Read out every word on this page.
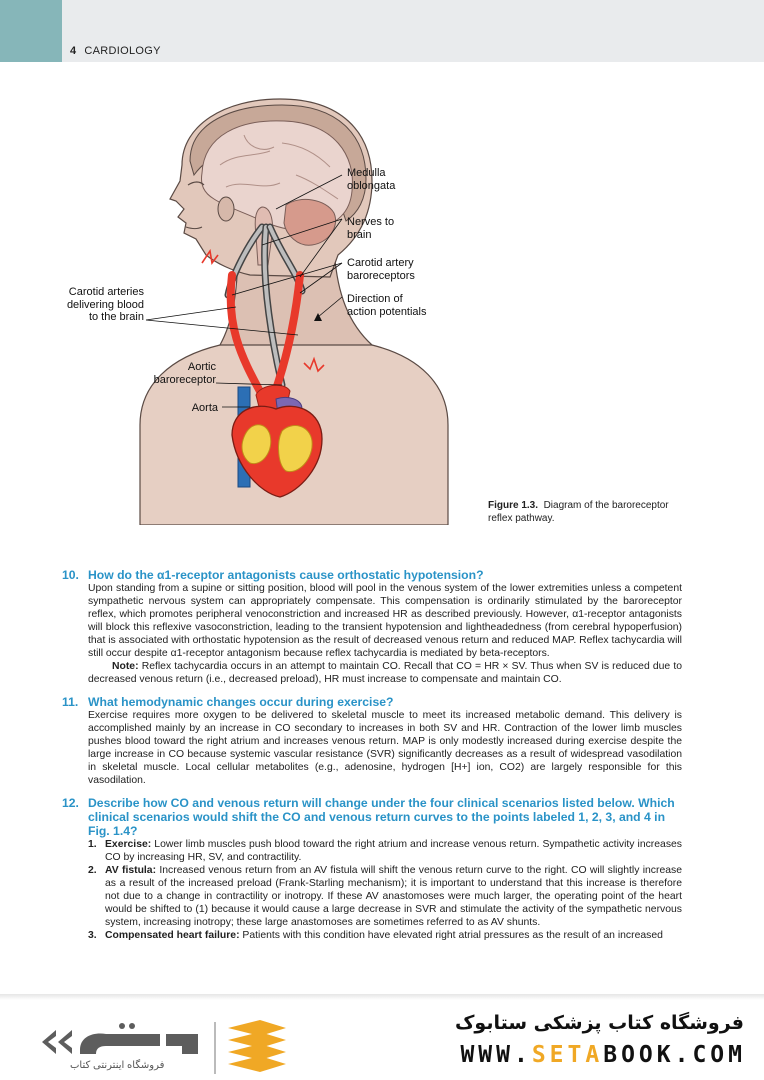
4 CARDIOLOGY
Medulla
oblongata
Nerves to
brain
Carotid artery
baroreceptors
Direction of
action potentials
Carotid arteries
delivering blood
to the brain
Aortic
baroreceptor
Aorta
Figure 1.3. Diagram of the baroreceptor reflex pathway.
10. How do the α1-receptor antagonists cause orthostatic hypotension?
Upon standing from a supine or sitting position, blood will pool in the venous system of the lower extremities unless a competent sympathetic nervous system can appropriately compensate. This compensation is ordinarily stimulated by the baroreceptor reflex, which promotes peripheral venoconstriction and increased HR as described previously. However, α1-receptor antagonists will block this reflexive vasoconstriction, leading to the transient hypotension and lightheadedness (from cerebral hypoperfusion) that is associated with orthostatic hypotension as the result of decreased venous return and reduced MAP. Reflex tachycardia will still occur despite α1-receptor antagonism because reflex tachycardia is mediated by beta-receptors.
Note: Reflex tachycardia occurs in an attempt to maintain CO. Recall that CO = HR × SV. Thus when SV is reduced due to decreased venous return (i.e., decreased preload), HR must increase to compensate and maintain CO.
11. What hemodynamic changes occur during exercise?
Exercise requires more oxygen to be delivered to skeletal muscle to meet its increased metabolic demand. This delivery is accomplished mainly by an increase in CO secondary to increases in both SV and HR. Contraction of the lower limb muscles pushes blood toward the right atrium and increases venous return. MAP is only modestly increased during exercise despite the large increase in CO because systemic vascular resistance (SVR) significantly decreases as a result of widespread vasodilation in skeletal muscle. Local cellular metabolites (e.g., adenosine, hydrogen [H+] ion, CO2) are largely responsible for this vasodilation.
12. Describe how CO and venous return will change under the four clinical scenarios listed below. Which clinical scenarios would shift the CO and venous return curves to the points labeled 1, 2, 3, and 4 in Fig. 1.4?
1. Exercise: Lower limb muscles push blood toward the right atrium and increase venous return. Sympathetic activity increases CO by increasing HR, SV, and contractility.
2. AV fistula: Increased venous return from an AV fistula will shift the venous return curve to the right. CO will slightly increase as a result of the increased preload (Frank-Starling mechanism); it is important to understand that this increase is therefore not due to a change in contractility or inotropy. If these AV anastomoses were much larger, the operating point of the heart would be shifted to (1) because it would cause a large decrease in SVR and stimulate the activity of the sympathetic nervous system, increasing inotropy; these large anastomoses are sometimes referred to as AV shunts.
3. Compensated heart failure: Patients with this condition have elevated right atrial pressures as the result of an increased
فروشگاه اینترنتی کتاب
فروشگاه کتاب پزشکی ستابوک
WWW.SETABOOK.COM
